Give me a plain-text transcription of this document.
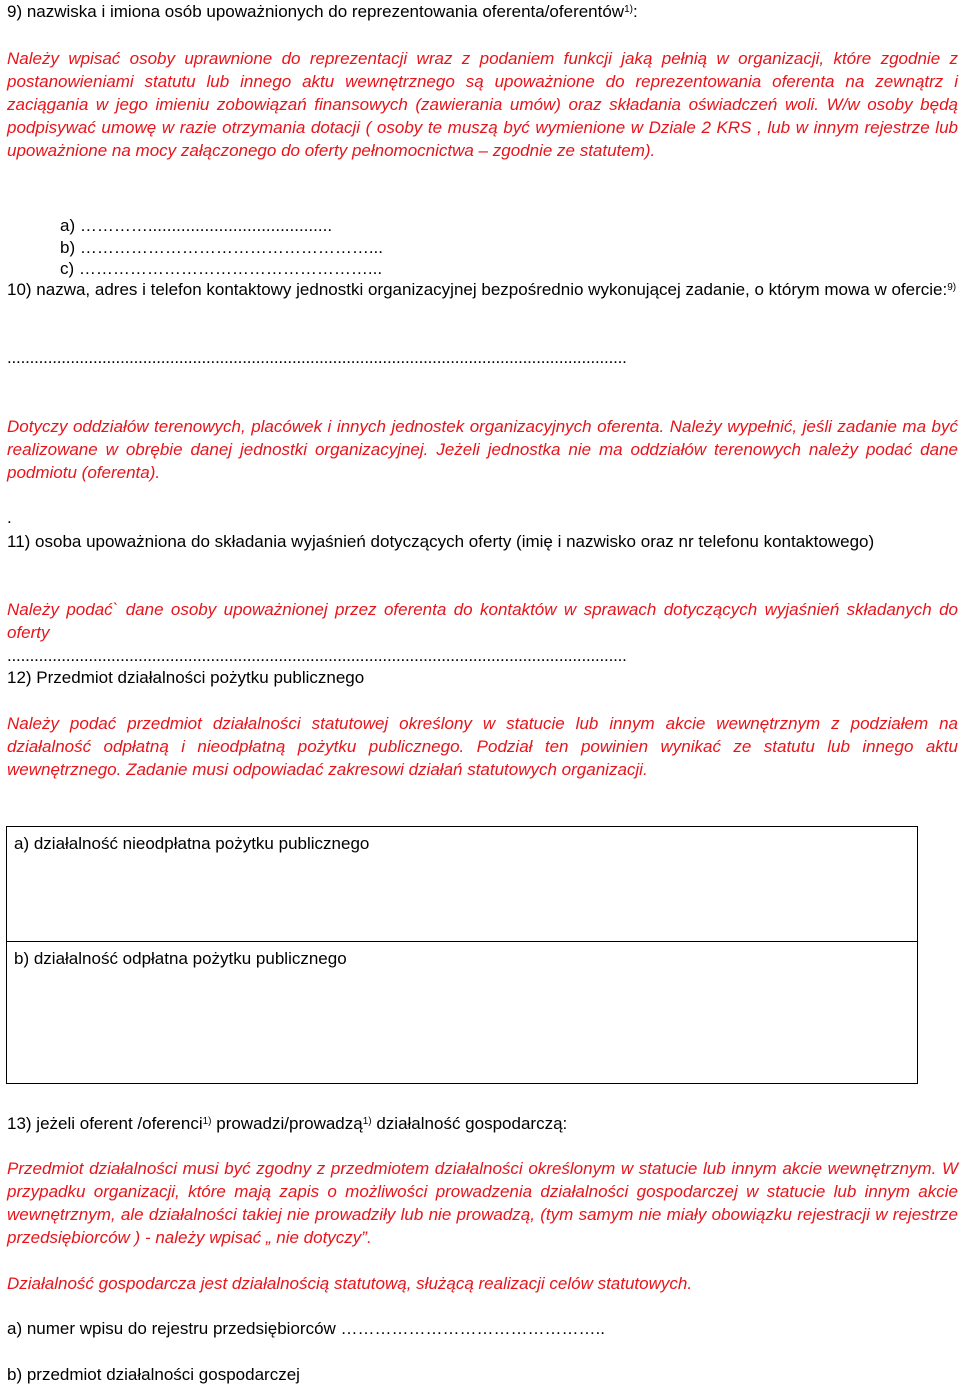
9) nazwiska i imiona osób upoważnionych do reprezentowania oferenta/oferentów$^{1)}$:
Należy wpisać osoby uprawnione do reprezentacji wraz z podaniem funkcji jaką pełnią w organizacji, które zgodnie z postanowieniami statutu lub innego aktu wewnętrznego są upoważnione do reprezentowania oferenta na zewnątrz i zaciągania w jego imieniu zobowiązań finansowych (zawierania umów) oraz składania oświadczeń woli. W/w osoby będą podpisywać umowę w razie otrzymania dotacji ( osoby te muszą być wymienione w Dziale 2 KRS , lub w innym rejestrze lub upoważnione na mocy załączonego do oferty pełnomocnictwa – zgodnie ze statutem).
a) ………….......................................
b) ……………………………………………...
c) ……………………………………………...
10) nazwa, adres i telefon kontaktowy jednostki organizacyjnej bezpośrednio wykonującej zadanie, o którym mowa w ofercie:$^{9)}$
.........................................................................................................................................
Dotyczy oddziałów terenowych, placówek i innych jednostek organizacyjnych oferenta. Należy wypełnić, jeśli zadanie ma być realizowane w obrębie danej jednostki organizacyjnej. Jeżeli jednostka nie ma oddziałów terenowych należy podać dane podmiotu (oferenta).
.
11) osoba upoważniona do składania wyjaśnień dotyczących oferty (imię i nazwisko oraz nr telefonu kontaktowego)
Należy podać` dane osoby upoważnionej przez oferenta do kontaktów w sprawach dotyczących wyjaśnień składanych do oferty
.........................................................................................................................................
12) Przedmiot działalności pożytku publicznego
Należy podać przedmiot działalności statutowej określony w statucie lub innym akcie wewnętrznym z podziałem na działalność odpłatną i nieodpłatną pożytku publicznego. Podział ten powinien wynikać ze statutu lub innego aktu wewnętrznego. Zadanie musi odpowiadać zakresowi działań statutowych organizacji.
a) działalność nieodpłatna pożytku publicznego
b) działalność odpłatna pożytku publicznego
13) jeżeli oferent /oferenci$^{1)}$ prowadzi/prowadzą$^{1)}$ działalność gospodarczą:
Przedmiot działalności musi być zgodny z przedmiotem działalności określonym w statucie lub innym akcie wewnętrznym. W przypadku organizacji, które mają zapis o możliwości prowadzenia działalności gospodarczej w statucie lub innym akcie wewnętrznym, ale działalności takiej nie prowadziły lub nie prowadzą, (tym samym nie miały obowiązku rejestracji w rejestrze przedsiębiorców ) - należy wpisać „ nie dotyczy”.
Działalność gospodarcza jest działalnością statutową, służącą realizacji celów statutowych.
a) numer wpisu do rejestru przedsiębiorców ………………………………………..
b) przedmiot działalności gospodarczej
